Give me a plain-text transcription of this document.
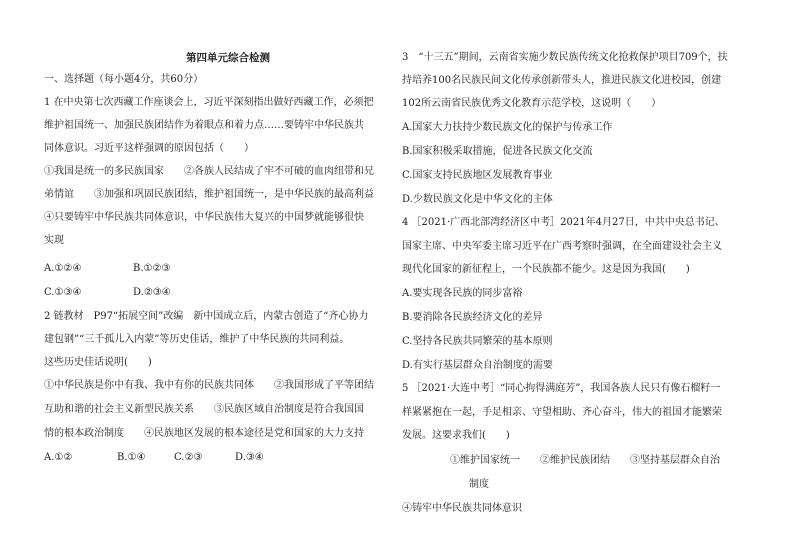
第四单元综合检测
一、选择题（每小题4分，共60分）
1 在中央第七次西藏工作座谈会上，习近平深刻指出做好西藏工作，必须把
维护祖国统一、加强民族团结作为着眼点和着力点……要铸牢中华民族共
同体意识。习近平这样强调的原因包括（　　）
①我国是统一的多民族国家　　②各族人民结成了牢不可破的血肉纽带和兄
弟情谊　　③加强和巩固民族团结，维护祖国统一，是中华民族的最高利益
④只要铸牢中华民族共同体意识，中华民族伟大复兴的中国梦就能够很快
实现
A.①②④	B.①②③
C.①③④	D.②③④
2 链教材　P97“拓展空间”改编　新中国成立后，内蒙古创造了“齐心协力
建包钢”“三千孤儿入内蒙”等历史佳话，维护了中华民族的共同利益。
这些历史佳话说明(　　)
①中华民族是你中有我、我中有你的民族共同体　　②我国形成了平等团结
互助和谐的社会主义新型民族关系　　③民族区域自治制度是符合我国国
情的根本政治制度　　④民族地区发展的根本途径是党和国家的大力支持
A.①②	B.①④	C.②③	D.③④
3　“十三五”期间，云南省实施少数民族传统文化抢救保护项目709个，扶
持培养100名民族民间文化传承创新带头人，推进民族文化进校园，创建
102所云南省民族优秀文化教育示范学校，这说明（　　）
A.国家大力扶持少数民族文化的保护与传承工作
B.国家积极采取措施，促进各民族文化交流
C.国家支持民族地区发展教育事业
D.少数民族文化是中华文化的主体
4 ［2021·广西北部湾经济区中考］2021年4月27日，中共中央总书记、
国家主席、中央军委主席习近平在广西考察时强调，在全面建设社会主义
现代化国家的新征程上，一个民族都不能少。这是因为我国(　　)
A.要实现各民族的同步富裕
B.要消除各民族经济文化的差异
C.坚持各民族共同繁荣的基本原则
D.有实行基层群众自治制度的需要
5 ［2021·大连中考］“同心拘得满庭芳”，我国各族人民只有像石榴籽一
样紧紧抱在一起，手足相亲、守望相助、齐心奋斗，伟大的祖国才能繁荣
发展。这要求我们(　　)
①维护国家统一　　②维护民族团结　　③坚持基层群众自治
制度
④铸牢中华民族共同体意识
